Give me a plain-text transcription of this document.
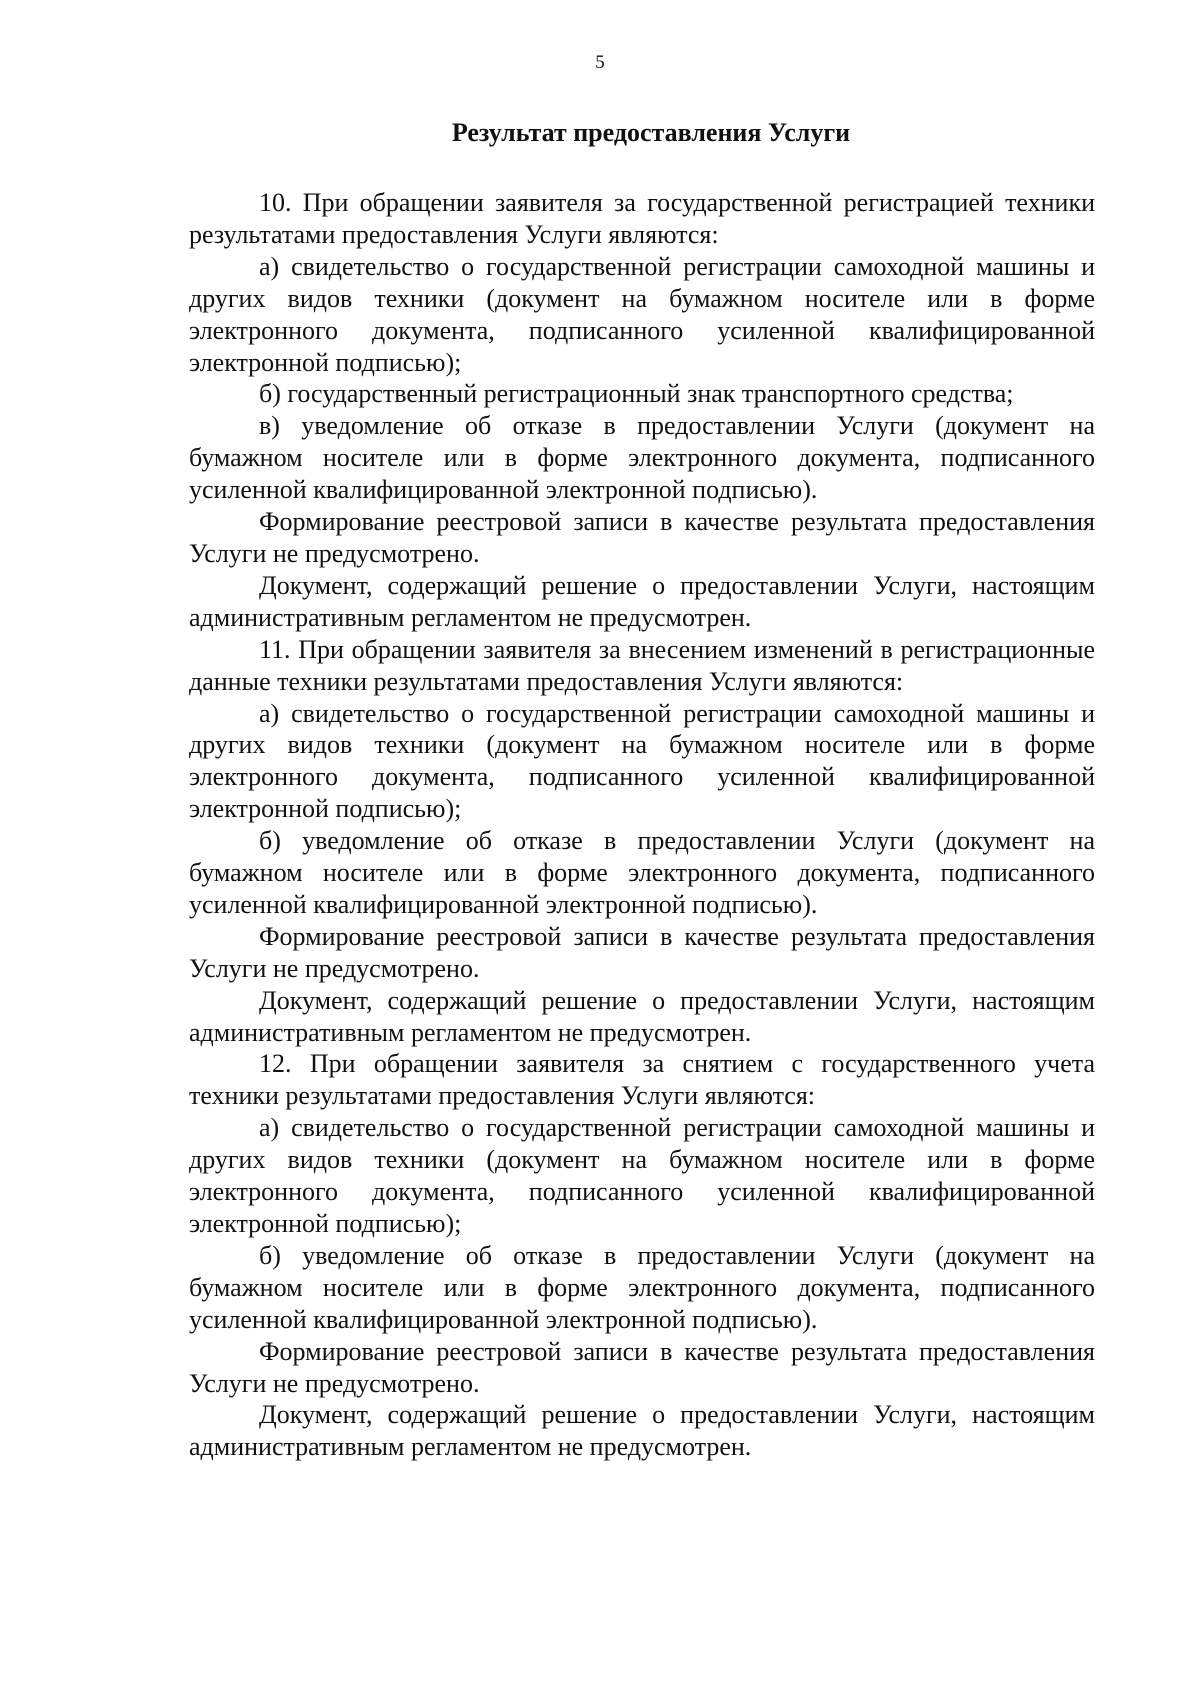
5

Результат предоставления Услуги

10. При обращении заявителя за государственной регистрацией техники результатами предоставления Услуги являются:

а) свидетельство о государственной регистрации самоходной машины и других видов техники (документ на бумажном носителе или в форме электронного документа, подписанного усиленной квалифицированной электронной подписью);

б) государственный регистрационный знак транспортного средства;

в) уведомление об отказе в предоставлении Услуги (документ на бумажном носителе или в форме электронного документа, подписанного усиленной квалифицированной электронной подписью).

Формирование реестровой записи в качестве результата предоставления Услуги не предусмотрено.

Документ, содержащий решение о предоставлении Услуги, настоящим административным регламентом не предусмотрен.

11. При обращении заявителя за внесением изменений в регистрационные данные техники результатами предоставления Услуги являются:

а) свидетельство о государственной регистрации самоходной машины и других видов техники (документ на бумажном носителе или в форме электронного документа, подписанного усиленной квалифицированной электронной подписью);

б) уведомление об отказе в предоставлении Услуги (документ на бумажном носителе или в форме электронного документа, подписанного усиленной квалифицированной электронной подписью).

Формирование реестровой записи в качестве результата предоставления Услуги не предусмотрено.

Документ, содержащий решение о предоставлении Услуги, настоящим административным регламентом не предусмотрен.

12. При обращении заявителя за снятием с государственного учета техники результатами предоставления Услуги являются:

а) свидетельство о государственной регистрации самоходной машины и других видов техники (документ на бумажном носителе или в форме электронного документа, подписанного усиленной квалифицированной электронной подписью);

б) уведомление об отказе в предоставлении Услуги (документ на бумажном носителе или в форме электронного документа, подписанного усиленной квалифицированной электронной подписью).

Формирование реестровой записи в качестве результата предоставления Услуги не предусмотрено.

Документ, содержащий решение о предоставлении Услуги, настоящим административным регламентом не предусмотрен.
